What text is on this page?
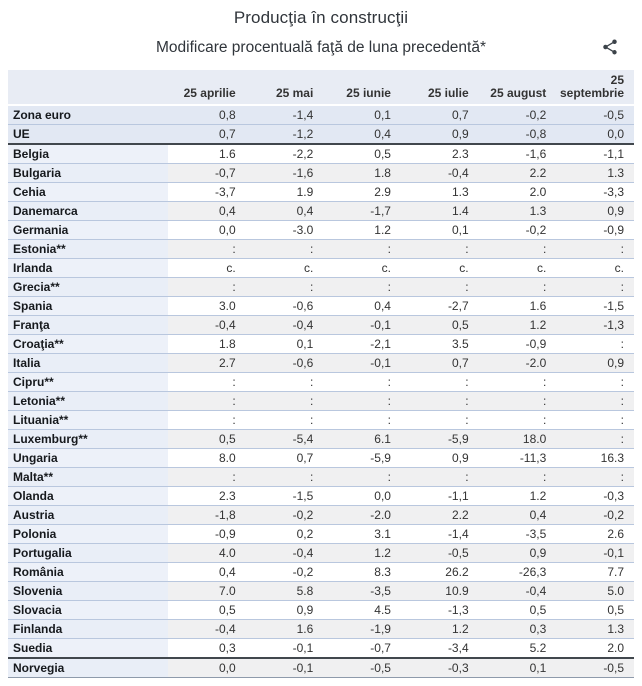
Producţia în construcţii
Modificare procentuală faţă de luna precedentă*
	25 aprilie	25 mai	25 iunie	25 iulie	25 august	25 septembrie
Zona euro	0,8	-1,4	0,1	0,7	-0,2	-0,5
UE	0,7	-1,2	0,4	0,9	-0,8	0,0
Belgia	1.6	-2,2	0,5	2.3	-1,6	-1,1
Bulgaria	-0,7	-1,6	1.8	-0,4	2.2	1.3
Cehia	-3,7	1.9	2.9	1.3	2.0	-3,3
Danemarca	0,4	0,4	-1,7	1.4	1.3	0,9
Germania	0,0	-3.0	1.2	0,1	-0,2	-0,9
Estonia**	:	:	:	:	:	:
Irlanda	c.	c.	c.	c.	c.	c.
Grecia**	:	:	:	:	:	:
Spania	3.0	-0,6	0,4	-2,7	1.6	-1,5
Franţa	-0,4	-0,4	-0,1	0,5	1.2	-1,3
Croaţia**	1.8	0,1	-2,1	3.5	-0,9	:
Italia	2.7	-0,6	-0,1	0,7	-2.0	0,9
Cipru**	:	:	:	:	:	:
Letonia**	:	:	:	:	:	:
Lituania**	:	:	:	:	:	:
Luxemburg**	0,5	-5,4	6.1	-5,9	18.0	:
Ungaria	8.0	0,7	-5,9	0,9	-11,3	16.3
Malta**	:	:	:	:	:	:
Olanda	2.3	-1,5	0,0	-1,1	1.2	-0,3
Austria	-1,8	-0,2	-2.0	2.2	0,4	-0,2
Polonia	-0,9	0,2	3.1	-1,4	-3,5	2.6
Portugalia	4.0	-0,4	1.2	-0,5	0,9	-0,1
România	0,4	-0,2	8.3	26.2	-26,3	7.7
Slovenia	7.0	5.8	-3,5	10.9	-0,4	5.0
Slovacia	0,5	0,9	4.5	-1,3	0,5	0,5
Finlanda	-0,4	1.6	-1,9	1.2	0,3	1.3
Suedia	0,3	-0,1	-0,7	-3,4	5.2	2.0
Norvegia	0,0	-0,1	-0,5	-0,3	0,1	-0,5
